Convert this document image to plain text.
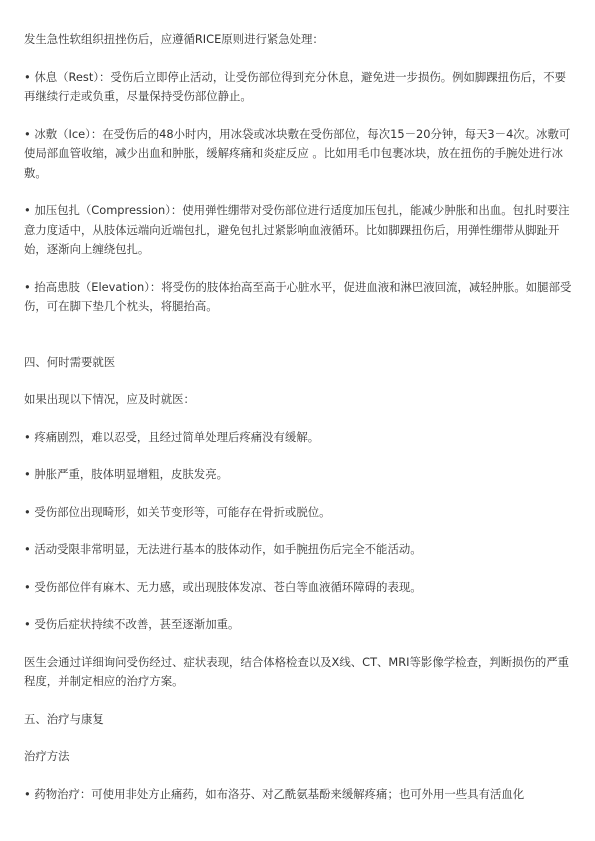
发生急性软组织扭挫伤后，应遵循RICE原则进行紧急处理：

• 休息（Rest）：受伤后立即停止活动，让受伤部位得到充分休息，避免进一步损伤。例如脚踝扭伤后，不要再继续行走或负重，尽量保持受伤部位静止。

• 冰敷（Ice）：在受伤后的48小时内，用冰袋或冰块敷在受伤部位，每次15－20分钟，每天3－4次。冰敷可使局部血管收缩，减少出血和肿胀，缓解疼痛和炎症反应 。比如用毛巾包裹冰块，放在扭伤的手腕处进行冰敷。

• 加压包扎（Compression）：使用弹性绷带对受伤部位进行适度加压包扎，能减少肿胀和出血。包扎时要注意力度适中，从肢体远端向近端包扎，避免包扎过紧影响血液循环。比如脚踝扭伤后，用弹性绷带从脚趾开始，逐渐向上缠绕包扎。

• 抬高患肢（Elevation）：将受伤的肢体抬高至高于心脏水平，促进血液和淋巴液回流，减轻肿胀。如腿部受伤，可在脚下垫几个枕头，将腿抬高。

四、何时需要就医

如果出现以下情况，应及时就医：

• 疼痛剧烈，难以忍受，且经过简单处理后疼痛没有缓解。

• 肿胀严重，肢体明显增粗，皮肤发亮。

• 受伤部位出现畸形，如关节变形等，可能存在骨折或脱位。

• 活动受限非常明显，无法进行基本的肢体动作，如手腕扭伤后完全不能活动。

• 受伤部位伴有麻木、无力感，或出现肢体发凉、苍白等血液循环障碍的表现。

• 受伤后症状持续不改善，甚至逐渐加重。

医生会通过详细询问受伤经过、症状表现，结合体格检查以及X线、CT、MRI等影像学检查，判断损伤的严重程度，并制定相应的治疗方案。

五、治疗与康复

治疗方法

• 药物治疗：可使用非处方止痛药，如布洛芬、对乙酰氨基酚来缓解疼痛；也可外用一些具有活血化
